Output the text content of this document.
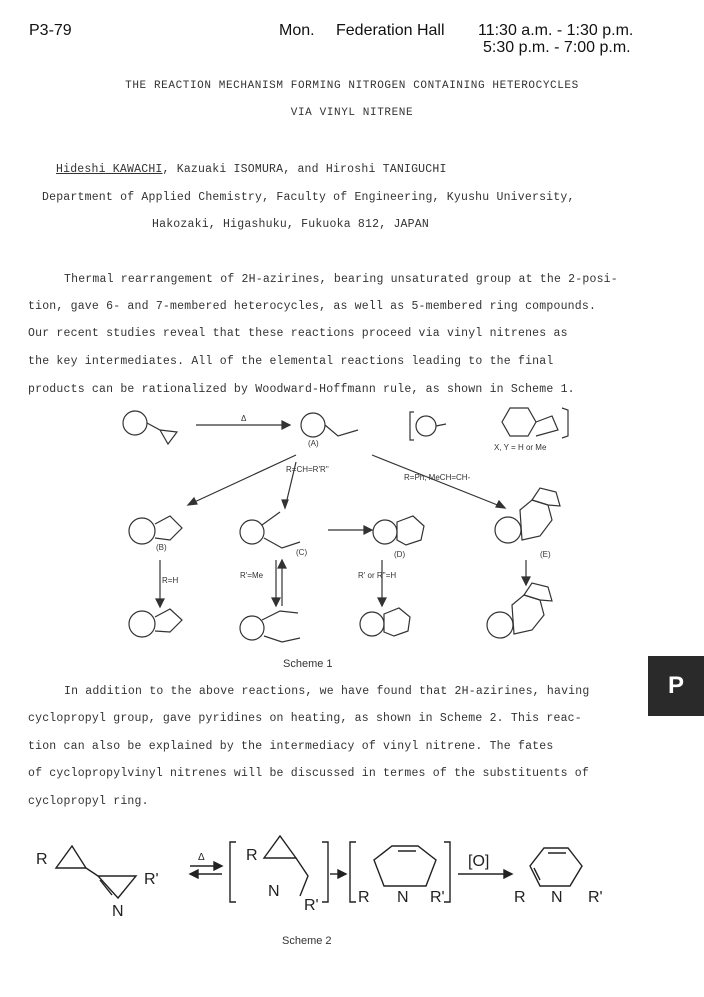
P3-79	Mon. Federation Hall 11:30 a.m. - 1:30 p.m.
5:30 p.m. - 7:00 p.m.
THE REACTION MECHANISM FORMING NITROGEN CONTAINING HETEROCYCLES
VIA VINYL NITRENE
Hideshi KAWACHI, Kazuaki ISOMURA, and Hiroshi TANIGUCHI
Department of Applied Chemistry, Faculty of Engineering, Kyushu University,
Hakozaki, Higashuku, Fukuoka 812, JAPAN
Thermal rearrangement of 2H-azirines, bearing unsaturated group at the 2-posi-
tion, gave 6- and 7-membered heterocycles, as well as 5-membered ring compounds.
Our recent studies reveal that these reactions proceed via vinyl nitrenes as
the key intermediates. All of the elemental reactions leading to the final
products can be rationalized by Woodward-Hoffmann rule, as shown in Scheme 1.
Δ
(A)	X, Y = H or Me
R=CH=R'R''
R=Ph, MeCH=CH-
(B)
(C)	(D)	(E)
R=H
R'=Me	R' or R''=H
Scheme 1
R
R'
N
Δ	R
N
R' R N R'
[O]
R N R'
Scheme 2
In addition to the above reactions, we have found that 2H-azirines, having
cyclopropyl group, gave pyridines on heating, as shown in Scheme 2. This reac-
tion can also be explained by the intermediacy of vinyl nitrene. The fates
of cyclopropylvinyl nitrenes will be discussed in termes of the substituents of
cyclopropyl ring.
P
